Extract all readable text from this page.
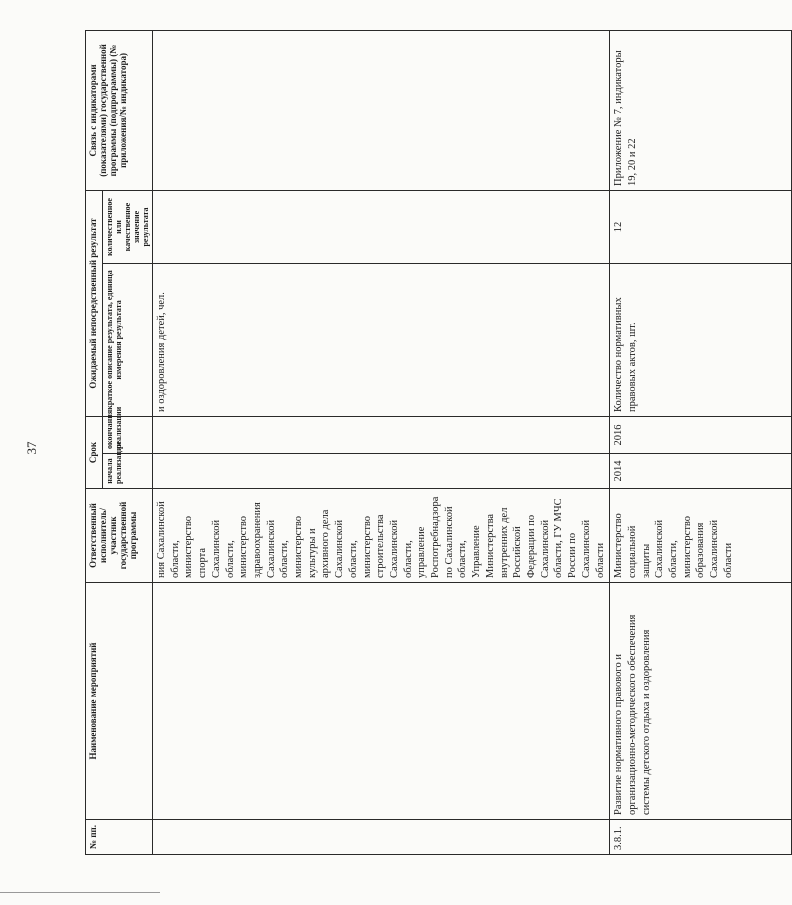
37
№ пп.	Наименование мероприятий	Ответственный исполнитель/участник государственной программы	Срок		Ожидаемый непосредственный результат		Связь с индикаторами (показателями) государственной программы (подпрограммы) (№ приложения/№ индикатора)
			начала реализации	окончания реализации	краткое описание результата, единица измерения результата	количественное или качественное значение результата	
		ния Сахалинской области, министерство спорта Сахалинской области, министерство здравоохранения Сахалинской области, министерство культуры и архивного дела Сахалинской области, министерство строительства Сахалинской области, управление Роспотребнадзора по Сахалинской области, Управление Министерства внутренних дел Российской Федерации по Сахалинской области, ГУ МЧС России по Сахалинской области			и оздоровления детей, чел.		
3.8.1.	Развитие нормативного правового и организационно-методического обеспечения системы детского отдыха и оздоровления	Министерство социальной защиты Сахалинской области, министерство образования Сахалинской области	2014	2016	Количество нормативных правовых актов, шт.	12	Приложение № 7, индикаторы 19, 20 и 22
